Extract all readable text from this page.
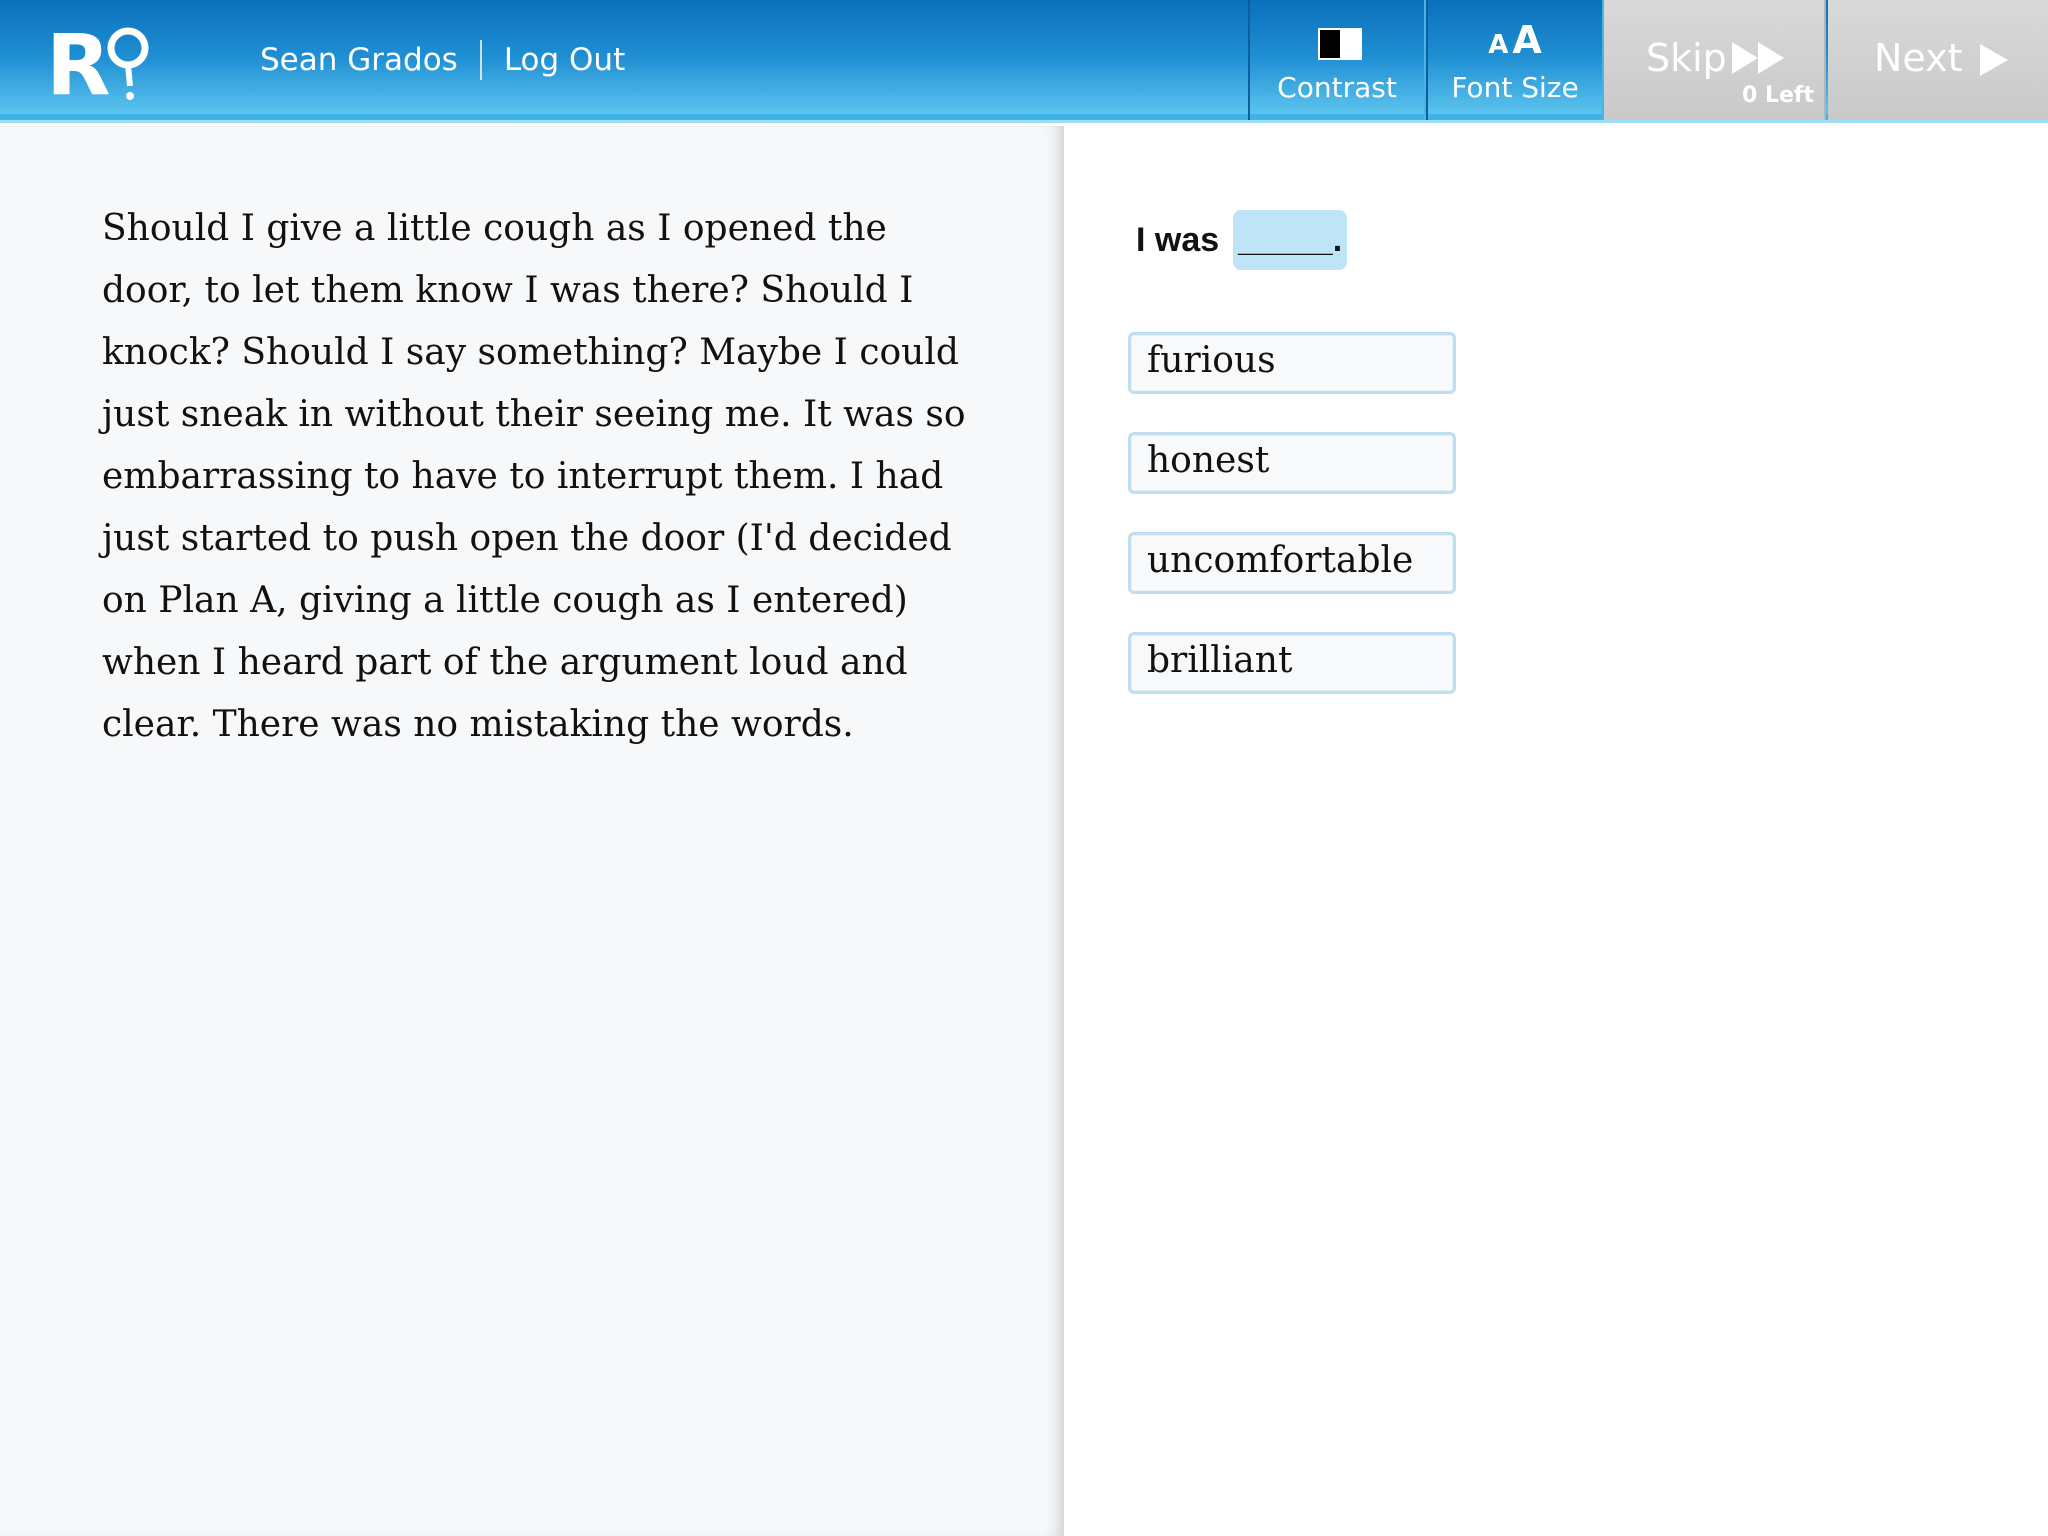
R	Sean Grados Log Out
Contrast
A A
Font Size
Skip
0 Left
Next

Should I give a little cough as I opened the door, to let them know I was there? Should I knock? Should I say something? Maybe I could just sneak in without their seeing me. It was so embarrassing to have to interrupt them. I had just started to push open the door (I'd decided on Plan A, giving a little cough as I entered) when I heard part of the argument loud and clear. There was no mistaking the words.

I was _____.
furious
honest
uncomfortable
brilliant
